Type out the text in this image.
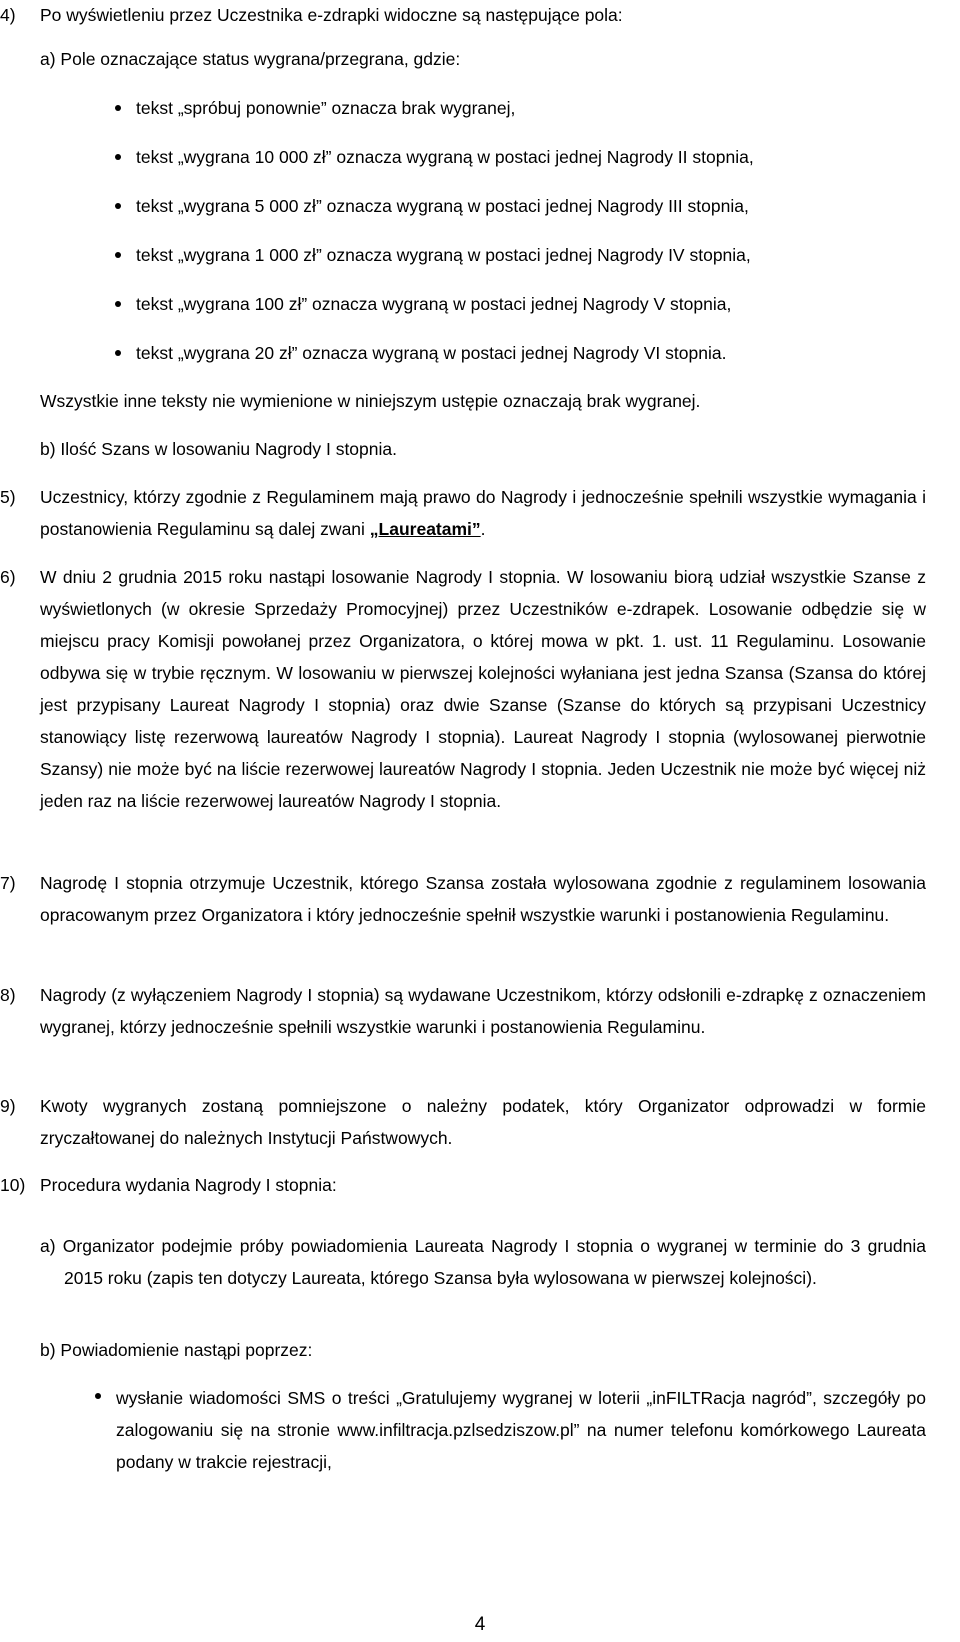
4) Po wyświetleniu przez Uczestnika e-zdrapki widoczne są następujące pola:
a) Pole oznaczające status wygrana/przegrana, gdzie:
tekst „spróbuj ponownie” oznacza brak wygranej,
tekst „wygrana 10 000 zł” oznacza wygraną w postaci jednej Nagrody II stopnia,
tekst „wygrana 5 000 zł” oznacza wygraną w postaci jednej Nagrody III stopnia,
tekst „wygrana 1 000 zł” oznacza wygraną w postaci jednej Nagrody IV stopnia,
tekst „wygrana 100 zł” oznacza wygraną w postaci jednej Nagrody V stopnia,
tekst „wygrana 20 zł” oznacza wygraną w postaci jednej Nagrody VI stopnia.
Wszystkie inne teksty nie wymienione w niniejszym ustępie oznaczają brak wygranej.
b) Ilość Szans w losowaniu Nagrody I stopnia.
5) Uczestnicy, którzy zgodnie z Regulaminem mają prawo do Nagrody i jednocześnie spełnili wszystkie wymagania i postanowienia Regulaminu są dalej zwani „Laureatami”.
6) W dniu 2 grudnia 2015 roku nastąpi losowanie Nagrody I stopnia. W losowaniu biorą udział wszystkie Szanse z wyświetlonych (w okresie Sprzedaży Promocyjnej) przez Uczestników e-zdrapek. Losowanie odbędzie się w miejscu pracy Komisji powołanej przez Organizatora, o której mowa w pkt. 1. ust. 11 Regulaminu. Losowanie odbywa się w trybie ręcznym. W losowaniu w pierwszej kolejności wyłaniana jest jedna Szansa (Szansa do której jest przypisany Laureat Nagrody I stopnia) oraz dwie Szanse (Szanse do których są przypisani Uczestnicy stanowiący listę rezerwową laureatów Nagrody I stopnia). Laureat Nagrody I stopnia (wylosowanej pierwotnie Szansy) nie może być na liście rezerwowej laureatów Nagrody I stopnia. Jeden Uczestnik nie może być więcej niż jeden raz na liście rezerwowej laureatów Nagrody I stopnia.
7) Nagrodę I stopnia otrzymuje Uczestnik, którego Szansa została wylosowana zgodnie z regulaminem losowania opracowanym przez Organizatora i który jednocześnie spełnił wszystkie warunki i postanowienia Regulaminu.
8) Nagrody (z wyłączeniem Nagrody I stopnia) są wydawane Uczestnikom, którzy odsłonili e-zdrapkę z oznaczeniem wygranej, którzy jednocześnie spełnili wszystkie warunki i postanowienia Regulaminu.
9) Kwoty wygranych zostaną pomniejszone o należny podatek, który Organizator odprowadzi w formie zryczałtowanej do należnych Instytucji Państwowych.
10) Procedura wydania Nagrody I stopnia:
a) Organizator podejmie próby powiadomienia Laureata Nagrody I stopnia o wygranej w terminie do 3 grudnia 2015 roku (zapis ten dotyczy Laureata, którego Szansa była wylosowana w pierwszej kolejności).
b) Powiadomienie nastąpi poprzez:
wysłanie wiadomości SMS o treści „Gratulujemy wygranej w loterii „inFILTRacja nagród”, szczegóły po zalogowaniu się na stronie www.infiltracja.pzlsedziszow.pl” na numer telefonu komórkowego Laureata podany w trakcie rejestracji,
4
